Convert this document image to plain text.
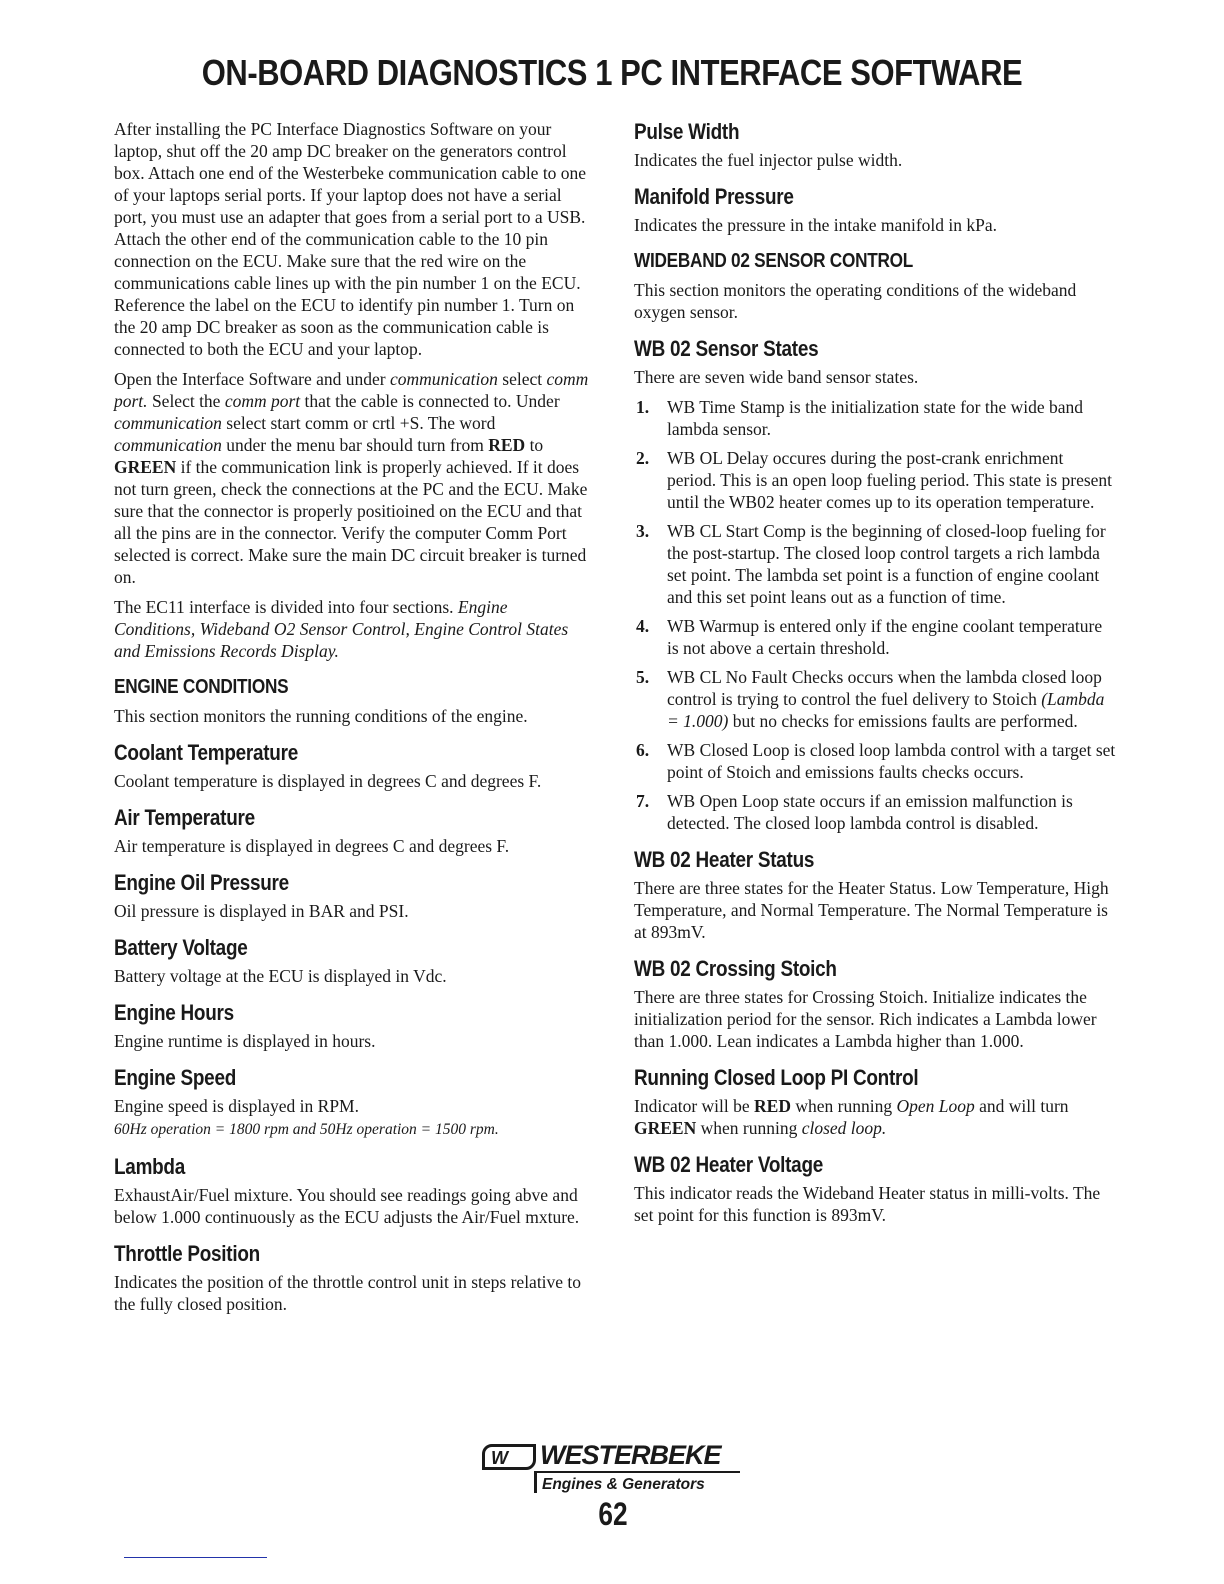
ON-BOARD DIAGNOSTICS 1 PC INTERFACE SOFTWARE

After installing the PC Interface Diagnostics Software on your laptop, shut off the 20 amp DC breaker on the generators control box. Attach one end of the Westerbeke communication cable to one of your laptops serial ports. If your laptop does not have a serial port, you must use an adapter that goes from a serial port to a USB. Attach the other end of the communication cable to the 10 pin connection on the ECU. Make sure that the red wire on the communications cable lines up with the pin number 1 on the ECU. Reference the label on the ECU to identify pin number 1. Turn on the 20 amp DC breaker as soon as the communication cable is connected to both the ECU and your laptop.

Open the Interface Software and under communication select comm port. Select the comm port that the cable is connected to. Under communication select start comm or crtl +S. The word communication under the menu bar should turn from RED to GREEN if the communication link is properly achieved. If it does not turn green, check the connections at the PC and the ECU. Make sure that the connector is properly positioined on the ECU and that all the pins are in the connector. Verify the computer Comm Port selected is correct. Make sure the main DC circuit breaker is turned on.

The EC11 interface is divided into four sections. Engine Conditions, Wideband O2 Sensor Control, Engine Control States and Emissions Records Display.

ENGINE CONDITIONS

This section monitors the running conditions of the engine.

Coolant Temperature

Coolant temperature is displayed in degrees C and degrees F.

Air Temperature

Air temperature is displayed in degrees C and degrees F.

Engine Oil Pressure

Oil pressure is displayed in BAR and PSI.

Battery Voltage

Battery voltage at the ECU is displayed in Vdc.

Engine Hours

Engine runtime is displayed in hours.

Engine Speed

Engine speed is displayed in RPM.
60Hz operation = 1800 rpm and 50Hz operation = 1500 rpm.

Lambda

ExhaustAir/Fuel mixture. You should see readings going abve and below 1.000 continuously as the ECU adjusts the Air/Fuel mxture.

Throttle Position

Indicates the position of the throttle control unit in steps relative to the fully closed position.

Pulse Width

Indicates the fuel injector pulse width.

Manifold Pressure

Indicates the pressure in the intake manifold in kPa.

WIDEBAND 02 SENSOR CONTROL

This section monitors the operating conditions of the wideband oxygen sensor.

WB 02 Sensor States

There are seven wide band sensor states.

1. WB Time Stamp is the initialization state for the wide band lambda sensor.
2. WB OL Delay occures during the post-crank enrichment period. This is an open loop fueling period. This state is present until the WB02 heater comes up to its operation temperature.
3. WB CL Start Comp is the beginning of closed-loop fueling for the post-startup. The closed loop control targets a rich lambda set point. The lambda set point is a function of engine coolant and this set point leans out as a function of time.
4. WB Warmup is entered only if the engine coolant temperature is not above a certain threshold.
5. WB CL No Fault Checks occurs when the lambda closed loop control is trying to control the fuel delivery to Stoich (Lambda = 1.000) but no checks for emissions faults are performed.
6. WB Closed Loop is closed loop lambda control with a target set point of Stoich and emissions faults checks occurs.
7. WB Open Loop state occurs if an emission malfunction is detected. The closed loop lambda control is disabled.
WB 02 Heater Status

There are three states for the Heater Status. Low Temperature, High Temperature, and Normal Temperature. The Normal Temperature is at 893mV.

WB 02 Crossing Stoich

There are three states for Crossing Stoich. Initialize indicates the initialization period for the sensor. Rich indicates a Lambda lower than 1.000. Lean indicates a Lambda higher than 1.000.

Running Closed Loop PI Control

Indicator will be RED when running Open Loop and will turn GREEN when running closed loop.

WB 02 Heater Voltage

This indicator reads the Wideband Heater status in milli-volts. The set point for this function is 893mV.

W WESTERBEKE
Engines & Generators
62
